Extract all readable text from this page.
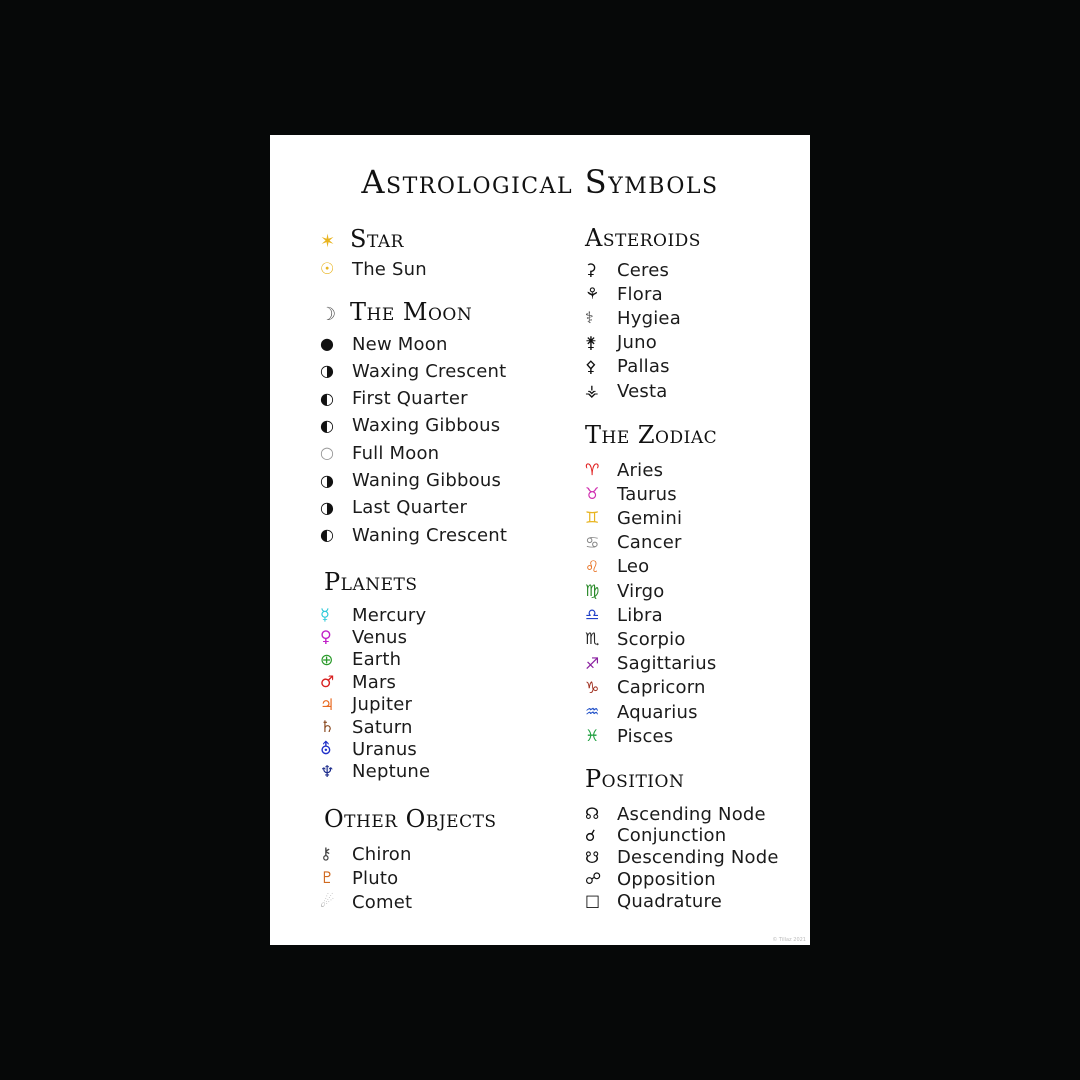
Astrological Symbols
✶ Star
☉ The Sun
☽ The Moon
●	New Moon
◑	Waxing Crescent
◐	First Quarter
◐	Waxing Gibbous
○	Full Moon
◑	Waning Gibbous
◑	Last Quarter
◐	Waning Crescent
Planets
☿	Mercury
♀	Venus
⊕	Earth
♂ Mars
♃ Jupiter
♄ Saturn
⛢	Uranus
♆ Neptune
Other Objects
⚷	Chiron
♇ Pluto
☄ Comet
Asteroids
⚳	Ceres
⚘ Flora
⚕	Hygiea
⚵	Juno
⚴	Pallas
⚶	Vesta
The Zodiac
♈ Aries
♉ Taurus
♊ Gemini
♋ Cancer
♌ Leo
♍ Virgo
♎ Libra
♏ Scorpio
♐ Sagittarius
♑ Capricorn
♒ Aquarius
♓ Pisces
Position
☊ Ascending Node
☌	Conjunction
☋ Descending Node
☍ Opposition
□ Quadrature
© Tillaz 2021
